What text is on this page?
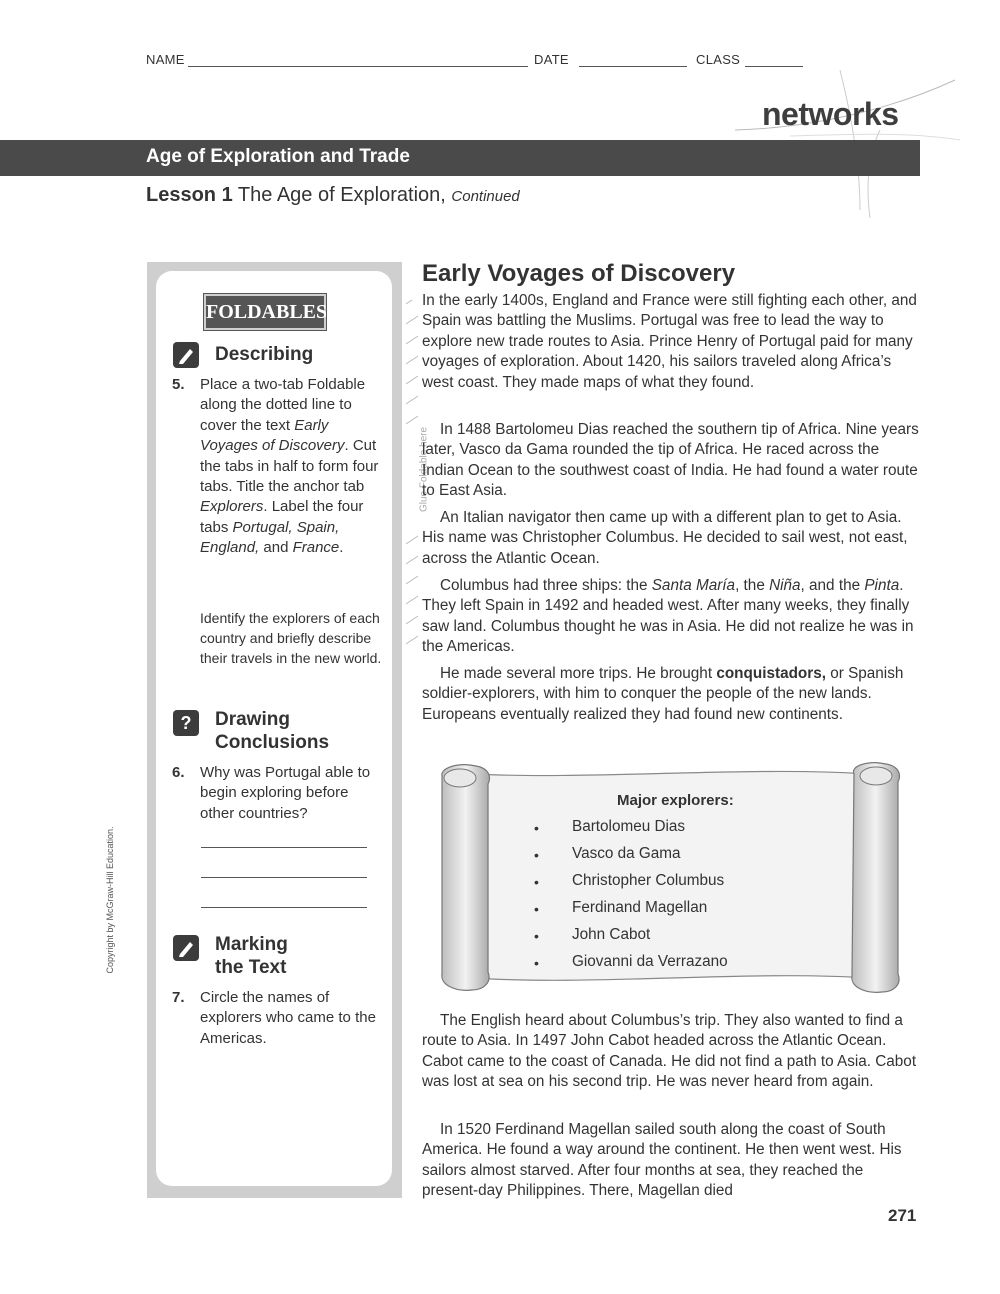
NAME	DATE	CLASS
networks
Age of Exploration and Trade
Lesson 1 The Age of Exploration, Continued
FOLDABLES
Describing
5. Place a two-tab Foldable along the dotted line to cover the text Early Voyages of Discovery. Cut the tabs in half to form four tabs. Title the anchor tab Explorers. Label the four tabs Portugal, Spain, England, and France.
Identify the explorers of each country and briefly describe their travels in the new world.
?	Drawing
Conclusions
6. Why was Portugal able to begin exploring before other countries?
Marking
the Text
7. Circle the names of explorers who came to the Americas.
Copyright by McGraw-Hill Education.
Glue Foldable here
Early Voyages of Discovery

In the early 1400s, England and France were still fighting each other, and Spain was battling the Muslims. Portugal was free to lead the way to explore new trade routes to Asia. Prince Henry of Portugal paid for many voyages of exploration. About 1420, his sailors traveled along Africa’s west coast. They made maps of what they found.

In 1488 Bartolomeu Dias reached the southern tip of Africa. Nine years later, Vasco da Gama rounded the tip of Africa. He raced across the Indian Ocean to the southwest coast of India. He had found a water route to East Asia.

An Italian navigator then came up with a different plan to get to Asia. His name was Christopher Columbus. He decided to sail west, not east, across the Atlantic Ocean.

Columbus had three ships: the Santa María, the Niña, and the Pinta. They left Spain in 1492 and headed west. After many weeks, they finally saw land. Columbus thought he was in Asia. He did not realize he was in the Americas.

He made several more trips. He brought conquistadors, or Spanish soldier-explorers, with him to conquer the people of the new lands. Europeans eventually realized they had found new continents.

Major explorers:
• Bartolomeu Dias
• Vasco da Gama
• Christopher Columbus
• Ferdinand Magellan
• John Cabot
• Giovanni da Verrazano

The English heard about Columbus’s trip. They also wanted to find a route to Asia. In 1497 John Cabot headed across the Atlantic Ocean. Cabot came to the coast of Canada. He did not find a path to Asia. Cabot was lost at sea on his second trip. He was never heard from again.

In 1520 Ferdinand Magellan sailed south along the coast of South America. He found a way around the continent. He then went west. His sailors almost starved. After four months at sea, they reached the present-day Philippines. There, Magellan died

271
